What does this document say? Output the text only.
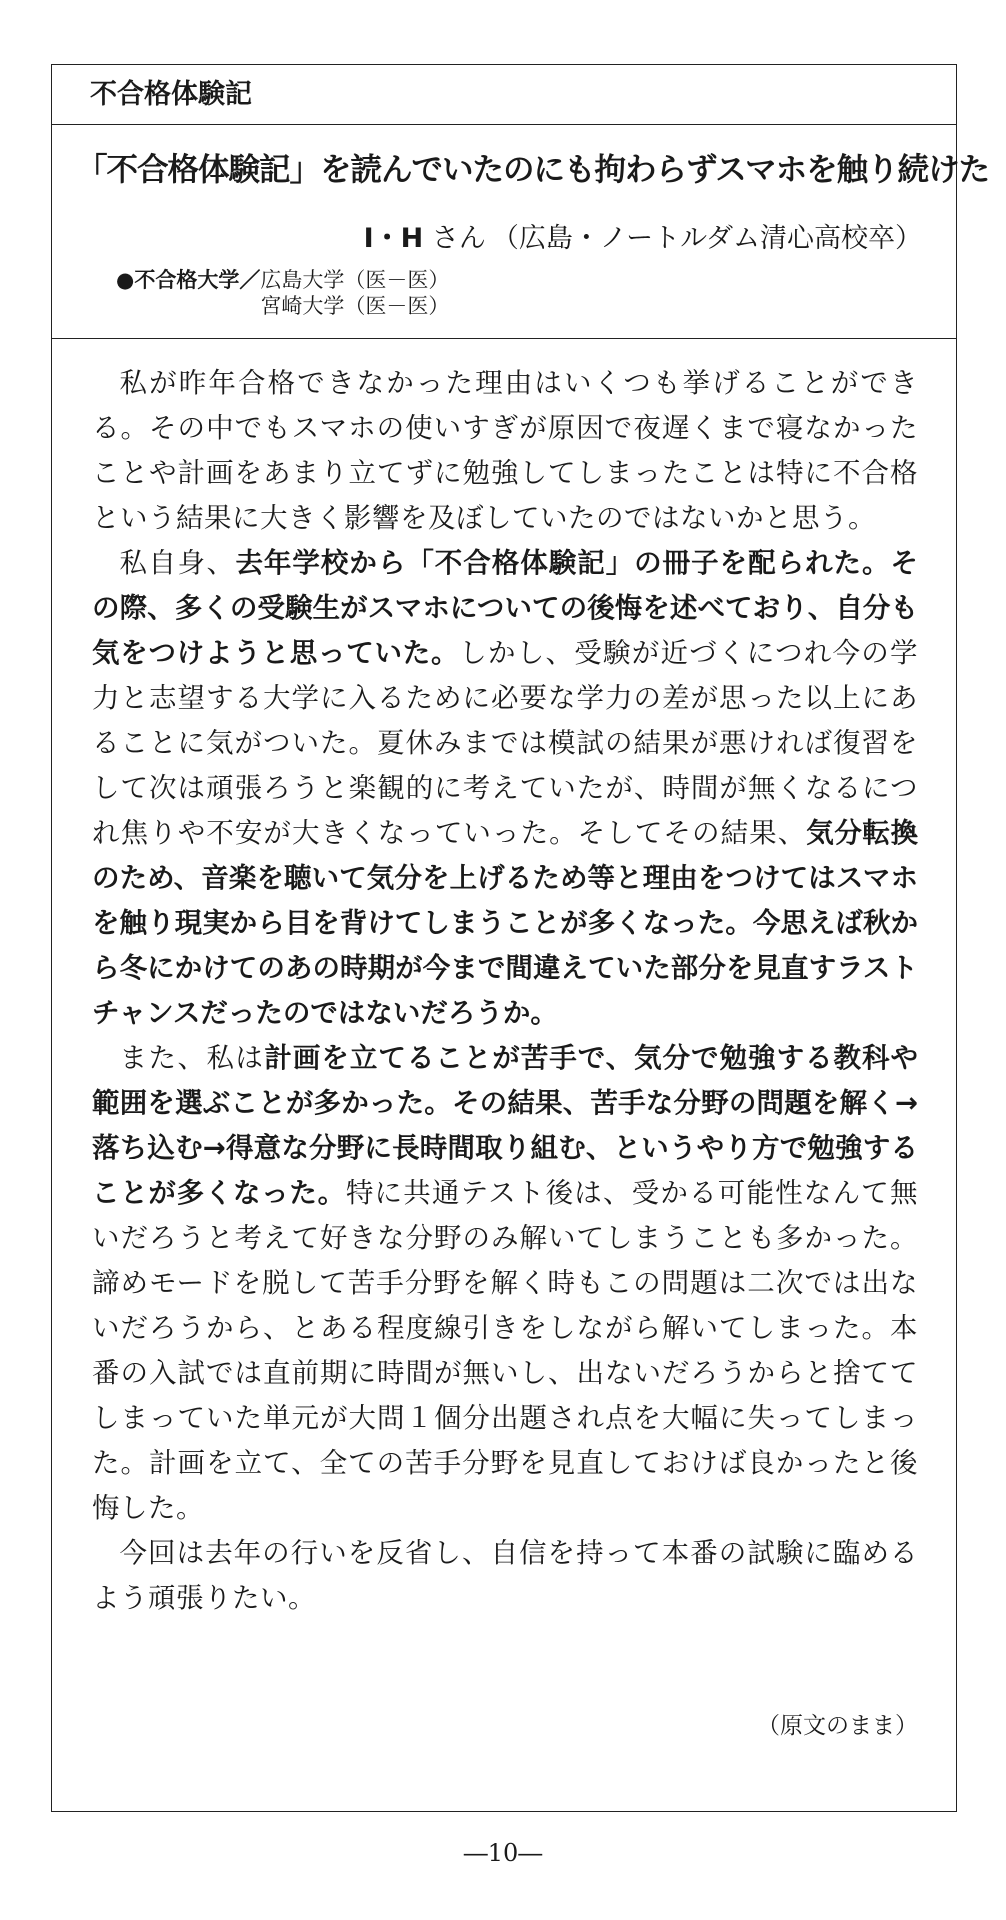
不合格体験記
「不合格体験記」を読んでいたのにも拘わらずスマホを触り続けた
I・H さん （広島・ノートルダム清心高校卒）
●不合格大学／ 広島大学（医－医）
宮崎大学（医－医）

私が昨年合格できなかった理由はいくつも挙げることができる。その中でもスマホの使いすぎが原因で夜遅くまで寝なかったことや計画をあまり立てずに勉強してしまったことは特に不合格という結果に大きく影響を及ぼしていたのではないかと思う。

私自身、去年学校から「不合格体験記」の冊子を配られた。その際、多くの受験生がスマホについての後悔を述べており、自分も気をつけようと思っていた。しかし、受験が近づくにつれ今の学力と志望する大学に入るために必要な学力の差が思った以上にあることに気がついた。夏休みまでは模試の結果が悪ければ復習をして次は頑張ろうと楽観的に考えていたが、時間が無くなるにつれ焦りや不安が大きくなっていった。そしてその結果、気分転換のため、音楽を聴いて気分を上げるため等と理由をつけてはスマホを触り現実から目を背けてしまうことが多くなった。今思えば秋から冬にかけてのあの時期が今まで間違えていた部分を見直すラストチャンスだったのではないだろうか。

また、私は計画を立てることが苦手で、気分で勉強する教科や範囲を選ぶことが多かった。その結果、苦手な分野の問題を解く→落ち込む→得意な分野に長時間取り組む、というやり方で勉強することが多くなった。特に共通テスト後は、受かる可能性なんて無いだろうと考えて好きな分野のみ解いてしまうことも多かった。諦めモードを脱して苦手分野を解く時もこの問題は二次では出ないだろうから、とある程度線引きをしながら解いてしまった。本番の入試では直前期に時間が無いし、出ないだろうからと捨ててしまっていた単元が大問１個分出題され点を大幅に失ってしまった。計画を立て、全ての苦手分野を見直しておけば良かったと後悔した。

今回は去年の行いを反省し、自信を持って本番の試験に臨めるよう頑張りたい。

（原文のまま）
―10―
